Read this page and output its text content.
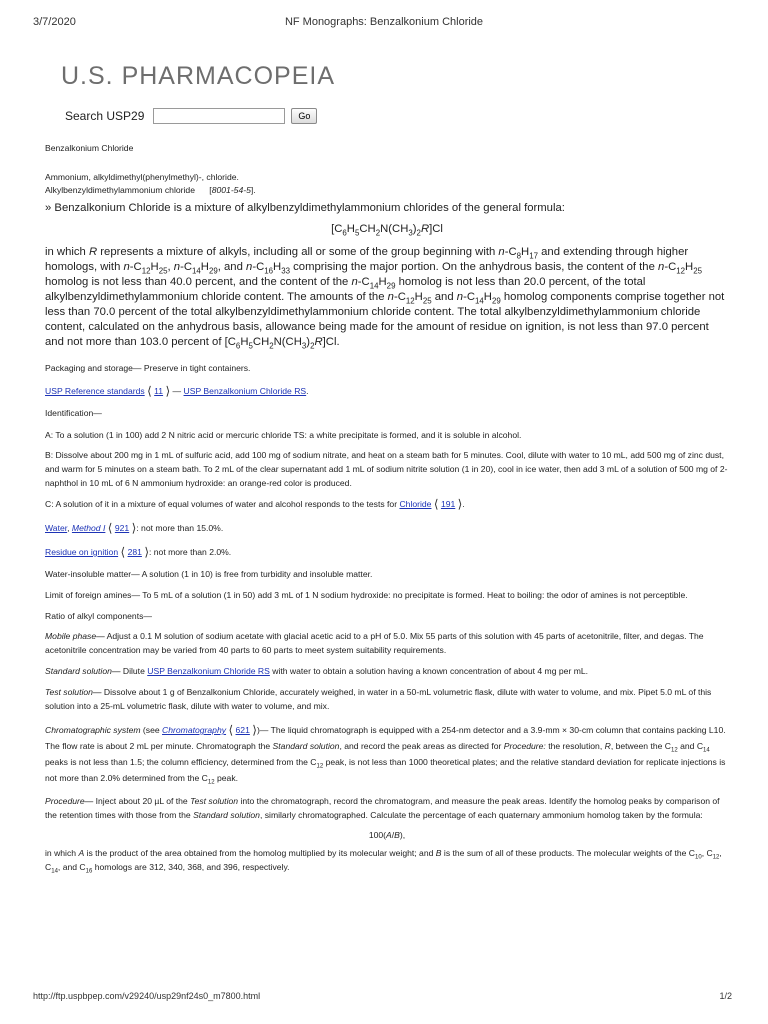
3/7/2020	NF Monographs: Benzalkonium Chloride
U.S. PHARMACOPEIA
Search USP29	Go

Benzalkonium Chloride

Ammonium, alkyldimethyl(phenylmethyl)-, chloride.
Alkylbenzyldimethylammonium chloride      [8001-54-5].

» Benzalkonium Chloride is a mixture of alkylbenzyldimethylammonium chlorides of the general formula:

$[C_6H_5CH_2N(CH_3)_2R]Cl$

in which R represents a mixture of alkyls, including all or some of the group beginning with $n-C_8H_{17}$ and extending through higher homologs, with $n-C_{12}H_{25}$, $n-C_{14}H_{29}$, and $n-C_{16}H_{33}$ comprising the major portion. On the anhydrous basis, the content of the $n-C_{12}H_{25}$ homolog is not less than 40.0 percent, and the content of the $n-C_{14}H_{29}$ homolog is not less than 20.0 percent, of the total alkylbenzyldimethylammonium chloride content. The amounts of the $n-C_{12}H_{25}$ and $n-C_{14}H_{29}$ homolog components comprise together not less than 70.0 percent of the total alkylbenzyldimethylammonium chloride content. The total alkylbenzyldimethylammonium chloride content, calculated on the anhydrous basis, allowance being made for the amount of residue on ignition, is not less than 97.0 percent and not more than 103.0 percent of $[C_6H_5CH_2N(CH_3)_2R]Cl$.

Packaging and storage— Preserve in tight containers.

USP Reference standards ⟨ 11 ⟩ — USP Benzalkonium Chloride RS.

Identification—

A: To a solution (1 in 100) add 2 N nitric acid or mercuric chloride TS: a white precipitate is formed, and it is soluble in alcohol.

B: Dissolve about 200 mg in 1 mL of sulfuric acid, add 100 mg of sodium nitrate, and heat on a steam bath for 5 minutes. Cool, dilute with water to 10 mL, add 500 mg of zinc dust, and warm for 5 minutes on a steam bath. To 2 mL of the clear supernatant add 1 mL of sodium nitrite solution (1 in 20), cool in ice water, then add 3 mL of a solution of 500 mg of 2-naphthol in 10 mL of 6 N ammonium hydroxide: an orange-red color is produced.

C: A solution of it in a mixture of equal volumes of water and alcohol responds to the tests for Chloride ⟨ 191 ⟩.

Water, Method I ⟨ 921 ⟩: not more than 15.0%.

Residue on ignition ⟨ 281 ⟩: not more than 2.0%.

Water-insoluble matter— A solution (1 in 10) is free from turbidity and insoluble matter.

Limit of foreign amines— To 5 mL of a solution (1 in 50) add 3 mL of 1 N sodium hydroxide: no precipitate is formed. Heat to boiling: the odor of amines is not perceptible.

Ratio of alkyl components—

Mobile phase— Adjust a 0.1 M solution of sodium acetate with glacial acetic acid to a pH of 5.0. Mix 55 parts of this solution with 45 parts of acetonitrile, filter, and degas. The acetonitrile concentration may be varied from 40 parts to 60 parts to meet system suitability requirements.

Standard solution— Dilute USP Benzalkonium Chloride RS with water to obtain a solution having a known concentration of about 4 mg per mL.

Test solution— Dissolve about 1 g of Benzalkonium Chloride, accurately weighed, in water in a 50-mL volumetric flask, dilute with water to volume, and mix. Pipet 5.0 mL of this solution into a 25-mL volumetric flask, dilute with water to volume, and mix.

Chromatographic system (see Chromatography ⟨ 621 ⟩)— The liquid chromatograph is equipped with a 254-nm detector and a 3.9-mm × 30-cm column that contains packing L10. The flow rate is about 2 mL per minute. Chromatograph the Standard solution, and record the peak areas as directed for Procedure: the resolution, R, between the $C_{12}$ and $C_{14}$ peaks is not less than 1.5; the column efficiency, determined from the $C_{12}$ peak, is not less than 1000 theoretical plates; and the relative standard deviation for replicate injections is not more than 2.0% determined from the $C_{12}$ peak.

Procedure— Inject about 20 µL of the Test solution into the chromatograph, record the chromatogram, and measure the peak areas. Identify the homolog peaks by comparison of the retention times with those from the Standard solution, similarly chromatographed. Calculate the percentage of each quaternary ammonium homolog taken by the formula:

100(A/B),

in which A is the product of the area obtained from the homolog multiplied by its molecular weight; and B is the sum of all of these products. The molecular weights of the $C_{10}$, $C_{12}$, $C_{14}$, and $C_{16}$ homologs are 312, 340, 368, and 396, respectively.

http://ftp.uspbpep.com/v29240/usp29nf24s0_m7800.html	1/2
